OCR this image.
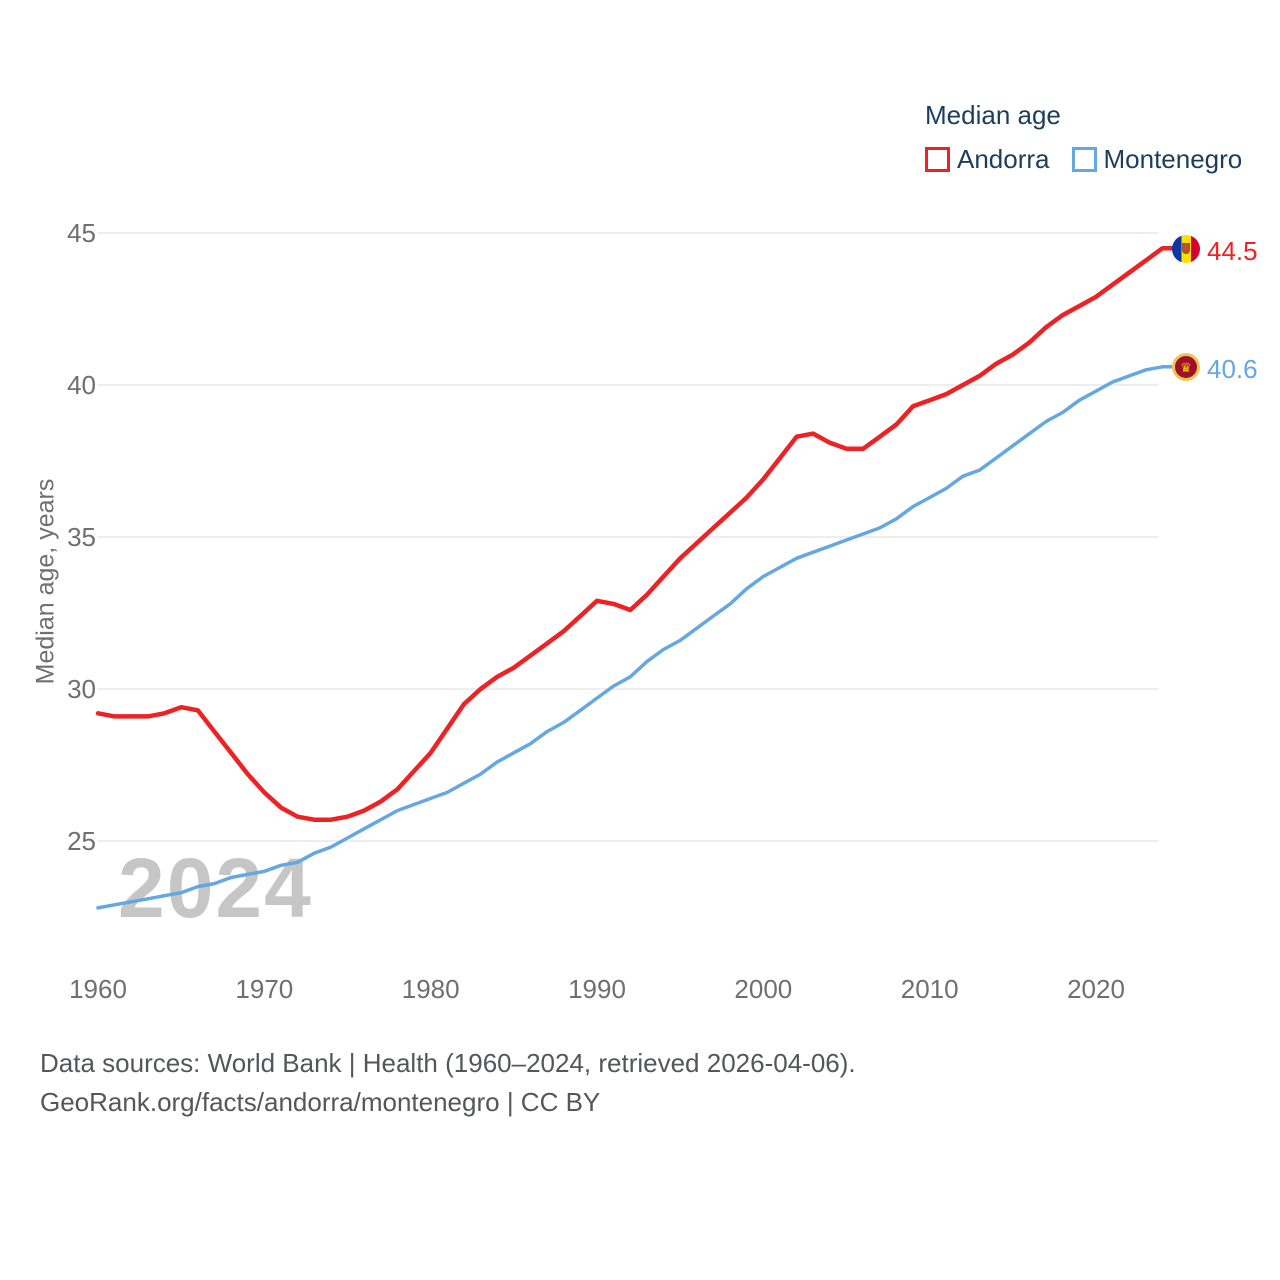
2024
Median age, years
Median age
Andorra Montenegro
44.5
♛ 40.6
Data sources: World Bank | Health (1960–2024, retrieved 2026-04-06).
GeoRank.org/facts/andorra/montenegro | CC BY
45
40
35
30
25
1960	1970	1980	1990	2000	2010	2020
